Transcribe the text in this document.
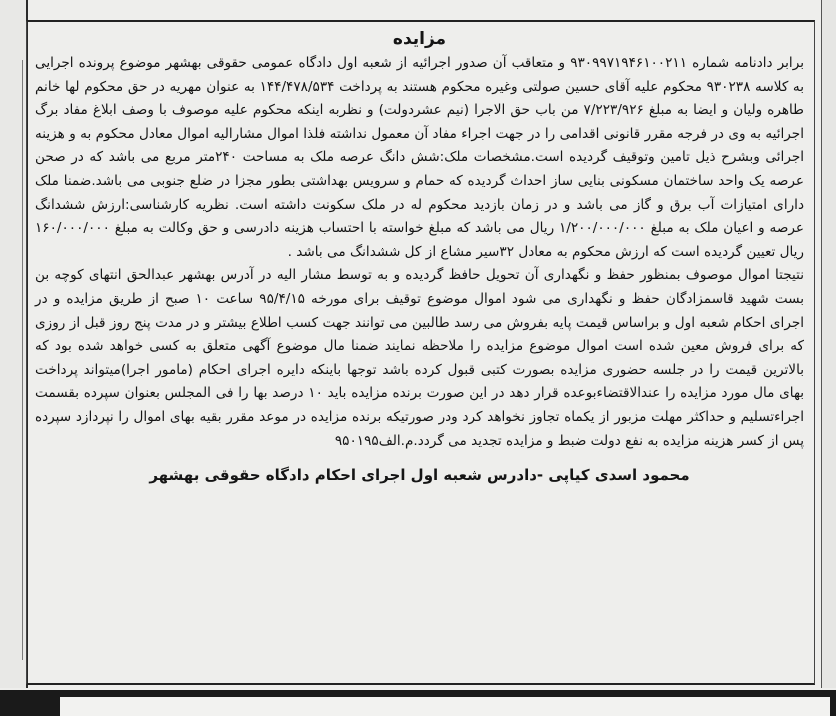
مزایده

برابر دادنامه شماره ۹۳۰۹۹۷۱۹۴۶۱۰۰۲۱۱ و متعاقب آن صدور اجرائیه از شعبه اول دادگاه عمومی حقوقی بهشهر موضوع پرونده اجرایی به کلاسه ۹۳۰۲۳۸ محکوم علیه آقای حسین صولتی وغیره محکوم هستند به پرداخت ۱۴۴/۴۷۸/۵۳۴ به عنوان مهریه در حق محکوم لها خانم طاهره ولیان و ایضا به مبلغ ۷/۲۲۳/۹۲۶ من باب حق الاجرا (نیم عشردولت) و نظربه اینکه محکوم علیه موصوف با وصف ابلاغ مفاد برگ اجرائیه به وی در فرجه مقرر قانونی اقدامی را در جهت اجراء مفاد آن معمول نداشته فلذا اموال مشارالیه اموال معادل محکوم به و هزینه اجرائی وبشرح ذیل تامین وتوقیف گردیده است.مشخصات ملک:شش دانگ عرصه ملک به مساحت ۲۴۰متر مربع می باشد که در صحن عرصه یک واحد ساختمان مسکونی بنایی ساز احداث گردیده که حمام و سرویس بهداشتی بطور مجزا در ضلع جنوبی می باشد.ضمنا ملک دارای امتیازات آب برق و گاز می باشد و در زمان بازدید محکوم له در ملک سکونت داشته است. نظریه کارشناسی:ارزش ششدانگ عرصه و اعیان ملک به مبلغ ۱/۲۰۰/۰۰۰/۰۰۰ ریال می باشد که مبلغ خواسته با احتساب هزینه دادرسی و حق وکالت به مبلغ ۱۶۰/۰۰۰/۰۰۰ ریال تعیین گردیده است که ارزش محکوم به معادل ۳۲سیر مشاع از کل ششدانگ می باشد .
نتیجتا اموال موصوف بمنظور حفظ و نگهداری آن تحویل حافظ گردیده و به توسط مشار الیه در آدرس بهشهر عبدالحق انتهای کوچه بن بست شهید قاسمزادگان حفظ و نگهداری می شود اموال موضوع توقیف برای مورخه ۹۵/۴/۱۵ ساعت ۱۰ صبح از طریق مزایده و در اجرای احکام شعبه اول و براساس قیمت پایه بفروش می رسد طالبین می توانند جهت کسب اطلاع بیشتر و در مدت پنج روز قبل از روزی که برای فروش معین شده است اموال موضوع مزایده را ملاحظه نمایند ضمنا مال موضوع آگهی متعلق به کسی خواهد شده بود که بالاترین قیمت را در جلسه حضوری مزایده بصورت کتبی قبول کرده باشد توجها باینکه دایره اجرای احکام (مامور اجرا)میتواند پرداخت بهای مال مورد مزایده را عندالاقتضاءبوعده قرار دهد در این صورت برنده مزایده باید ۱۰ درصد بها را فی المجلس بعنوان سپرده بقسمت اجراءتسلیم و حداکثر مهلت مزبور از یکماه تجاوز نخواهد کرد ودر صورتیکه برنده مزایده در موعد مقرر بقیه بهای اموال را نپردازد سپرده پس از کسر هزینه مزایده به نفع دولت ضبط و مزایده تجدید می گردد.م.الف۹۵۰۱۹۵

محمود اسدی کیاپی -دادرس شعبه اول اجرای احکام دادگاه حقوقی بهشهر
